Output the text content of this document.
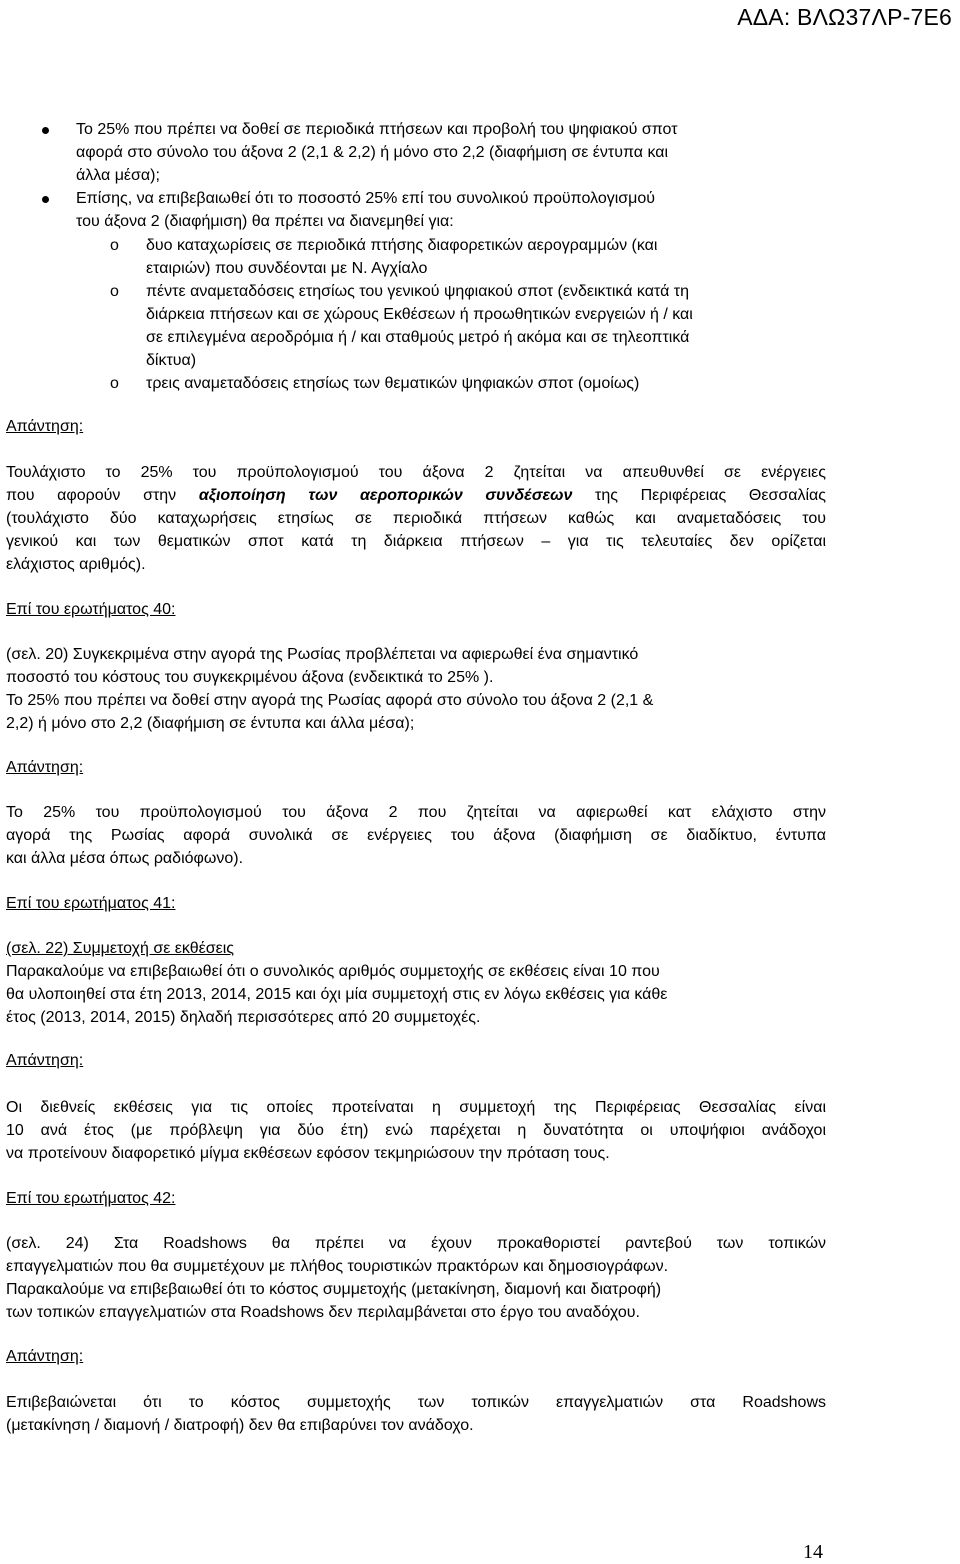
ΑΔΑ: ΒΛΩ37ΛΡ-7Ε6
Το 25% που πρέπει να δοθεί σε περιοδικά πτήσεων και προβολή του ψηφιακού σποτ
αφορά στο σύνολο του άξονα 2 (2,1 & 2,2) ή μόνο στο 2,2 (διαφήμιση σε έντυπα και
άλλα μέσα);
Επίσης, να επιβεβαιωθεί ότι το ποσοστό 25% επί του συνολικού προϋπολογισμού
του άξονα 2 (διαφήμιση) θα πρέπει να διανεμηθεί για:
o δυο καταχωρίσεις σε περιοδικά πτήσης διαφορετικών αερογραμμών (και
εταιριών) που συνδέονται με Ν. Αγχίαλο
o πέντε αναμεταδόσεις ετησίως του γενικού ψηφιακού σποτ (ενδεικτικά κατά τη
διάρκεια πτήσεων και σε χώρους Εκθέσεων ή προωθητικών ενεργειών ή / και
σε επιλεγμένα αεροδρόμια ή / και σταθμούς μετρό ή ακόμα και σε τηλεοπτικά
δίκτυα)
o τρεις αναμεταδόσεις ετησίως των θεματικών ψηφιακών σποτ (ομοίως)
Απάντηση:
Τουλάχιστο το 25% του προϋπολογισμού του άξονα 2 ζητείται να απευθυνθεί σε ενέργειες
που αφορούν στην αξιοποίηση των αεροπορικών συνδέσεων της Περιφέρειας Θεσσαλίας
(τουλάχιστο δύο καταχωρήσεις ετησίως σε περιοδικά πτήσεων καθώς και αναμεταδόσεις του
γενικού και των θεματικών σποτ κατά τη διάρκεια πτήσεων – για τις τελευταίες δεν ορίζεται
ελάχιστος αριθμός).
Επί του ερωτήματος 40:
(σελ. 20) Συγκεκριμένα στην αγορά της Ρωσίας προβλέπεται να αφιερωθεί ένα σημαντικό
ποσοστό του κόστους του συγκεκριμένου άξονα (ενδεικτικά το 25% ).
Το 25% που πρέπει να δοθεί στην αγορά της Ρωσίας αφορά στο σύνολο του άξονα 2 (2,1 &
2,2) ή μόνο στο 2,2 (διαφήμιση σε έντυπα και άλλα μέσα);
Απάντηση:
Το 25% του προϋπολογισμού του άξονα 2 που ζητείται να αφιερωθεί κατ ελάχιστο στην
αγορά της Ρωσίας αφορά συνολικά σε ενέργειες του άξονα (διαφήμιση σε διαδίκτυο, έντυπα
και άλλα μέσα όπως ραδιόφωνο).
Επί του ερωτήματος 41:
(σελ. 22) Συμμετοχή σε εκθέσεις
Παρακαλούμε να επιβεβαιωθεί ότι ο συνολικός αριθμός συμμετοχής σε εκθέσεις είναι 10 που
θα υλοποιηθεί στα έτη 2013, 2014, 2015 και όχι μία συμμετοχή στις εν λόγω εκθέσεις για κάθε
έτος (2013, 2014, 2015) δηλαδή περισσότερες από 20 συμμετοχές.
Απάντηση:
Οι διεθνείς εκθέσεις για τις οποίες προτείναται η συμμετοχή της Περιφέρειας Θεσσαλίας είναι
10 ανά έτος (με πρόβλεψη για δύο έτη) ενώ παρέχεται η δυνατότητα οι υποψήφιοι ανάδοχοι
να προτείνουν διαφορετικό μίγμα εκθέσεων εφόσον τεκμηριώσουν την πρόταση τους.
Επί του ερωτήματος 42:
(σελ. 24) Στα Roadshows θα πρέπει να έχουν προκαθοριστεί ραντεβού των τοπικών
επαγγελματιών που θα συμμετέχουν με πλήθος τουριστικών πρακτόρων και δημοσιογράφων.
Παρακαλούμε να επιβεβαιωθεί ότι το κόστος συμμετοχής (μετακίνηση, διαμονή και διατροφή)
των τοπικών επαγγελματιών στα Roadshows δεν περιλαμβάνεται στο έργο του αναδόχου.
Απάντηση:
Επιβεβαιώνεται ότι το κόστος συμμετοχής των τοπικών επαγγελματιών στα Roadshows
(μετακίνηση / διαμονή / διατροφή) δεν θα επιβαρύνει τον ανάδοχο.
14
